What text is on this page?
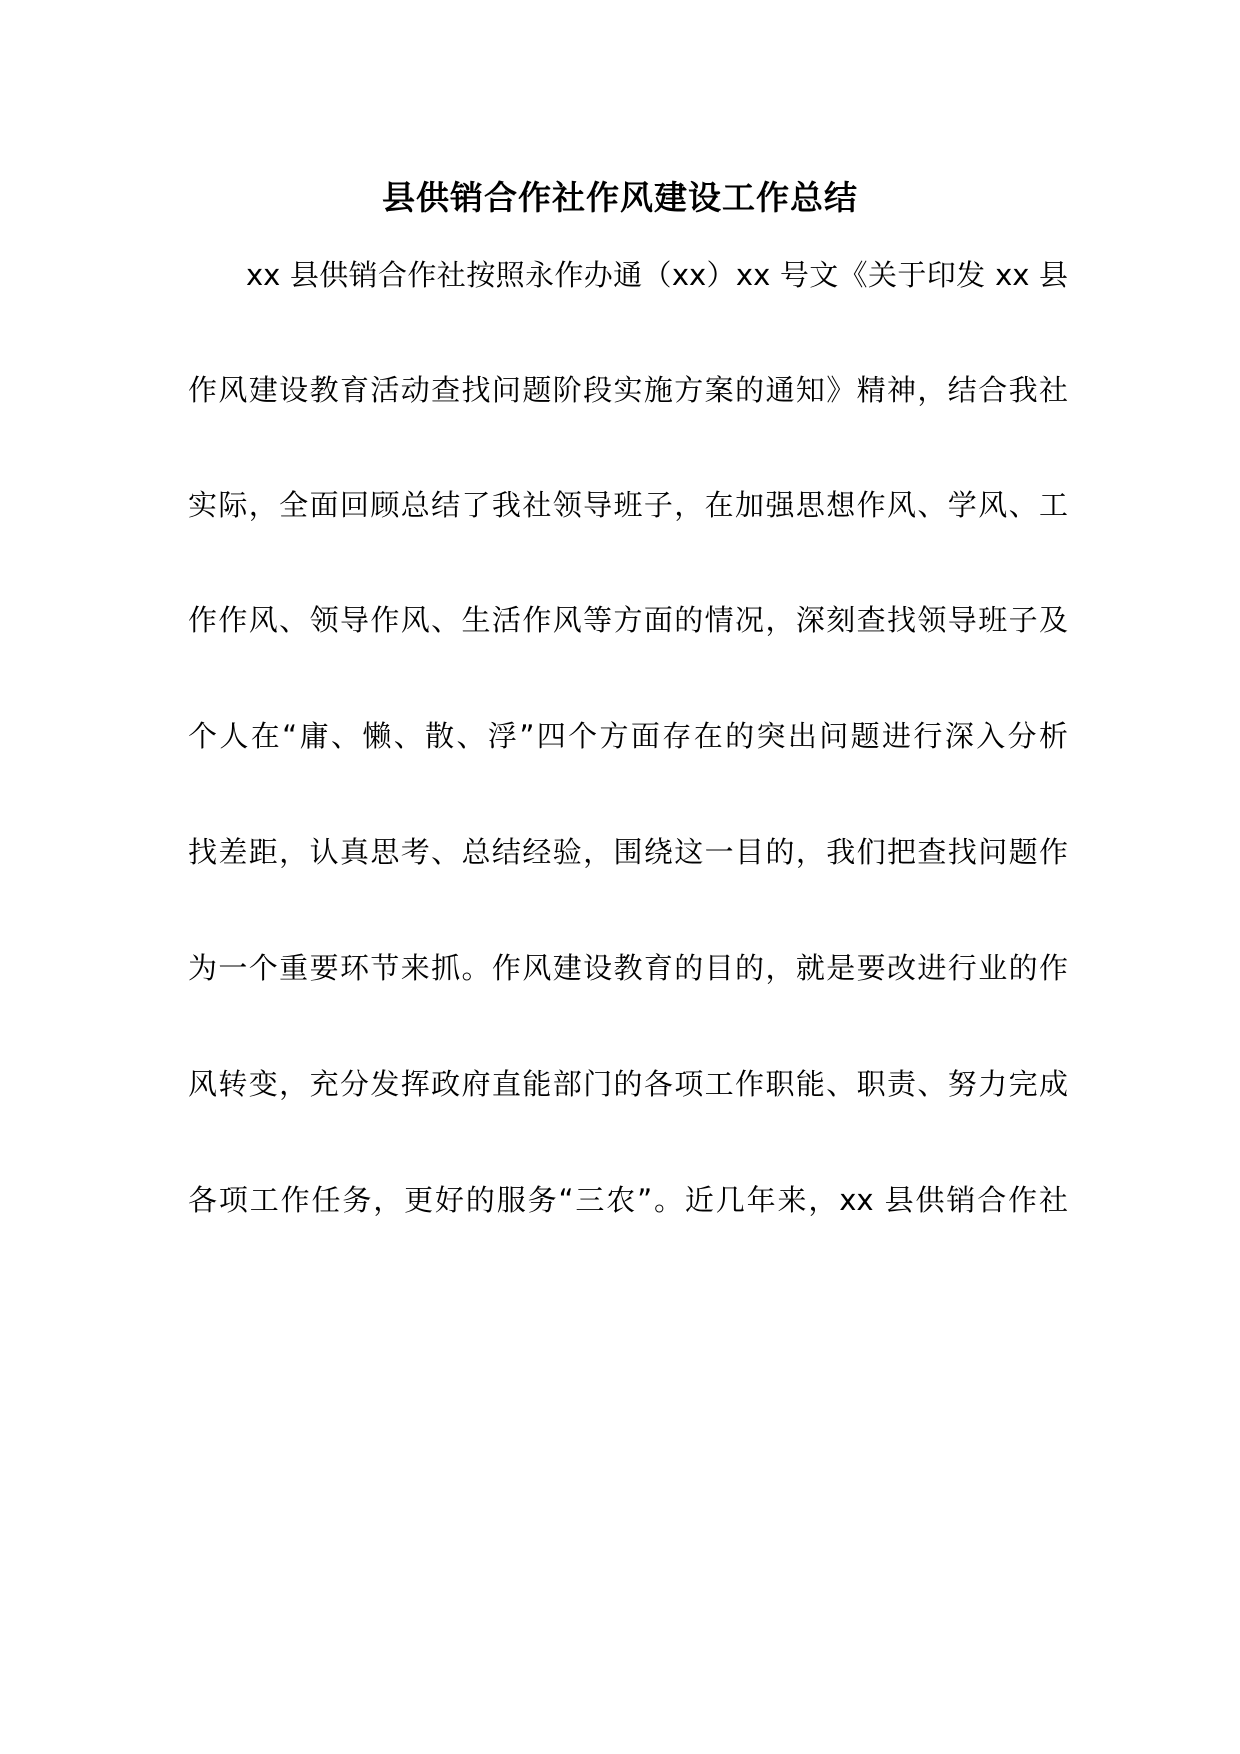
县供销合作社作风建设工作总结
xx 县供销合作社按照永作办通（xx）xx 号文《关于印发 xx 县
作风建设教育活动查找问题阶段实施方案的通知》精神，结合我社
实际，全面回顾总结了我社领导班子，在加强思想作风、学风、工
作作风、领导作风、生活作风等方面的情况，深刻查找领导班子及
个人在“庸、懒、散、浮”四个方面存在的突出问题进行深入分析
找差距，认真思考、总结经验，围绕这一目的，我们把查找问题作
为一个重要环节来抓。作风建设教育的目的，就是要改进行业的作
风转变，充分发挥政府直能部门的各项工作职能、职责、努力完成
各项工作任务，更好的服务“三农”。近几年来，xx 县供销合作社
